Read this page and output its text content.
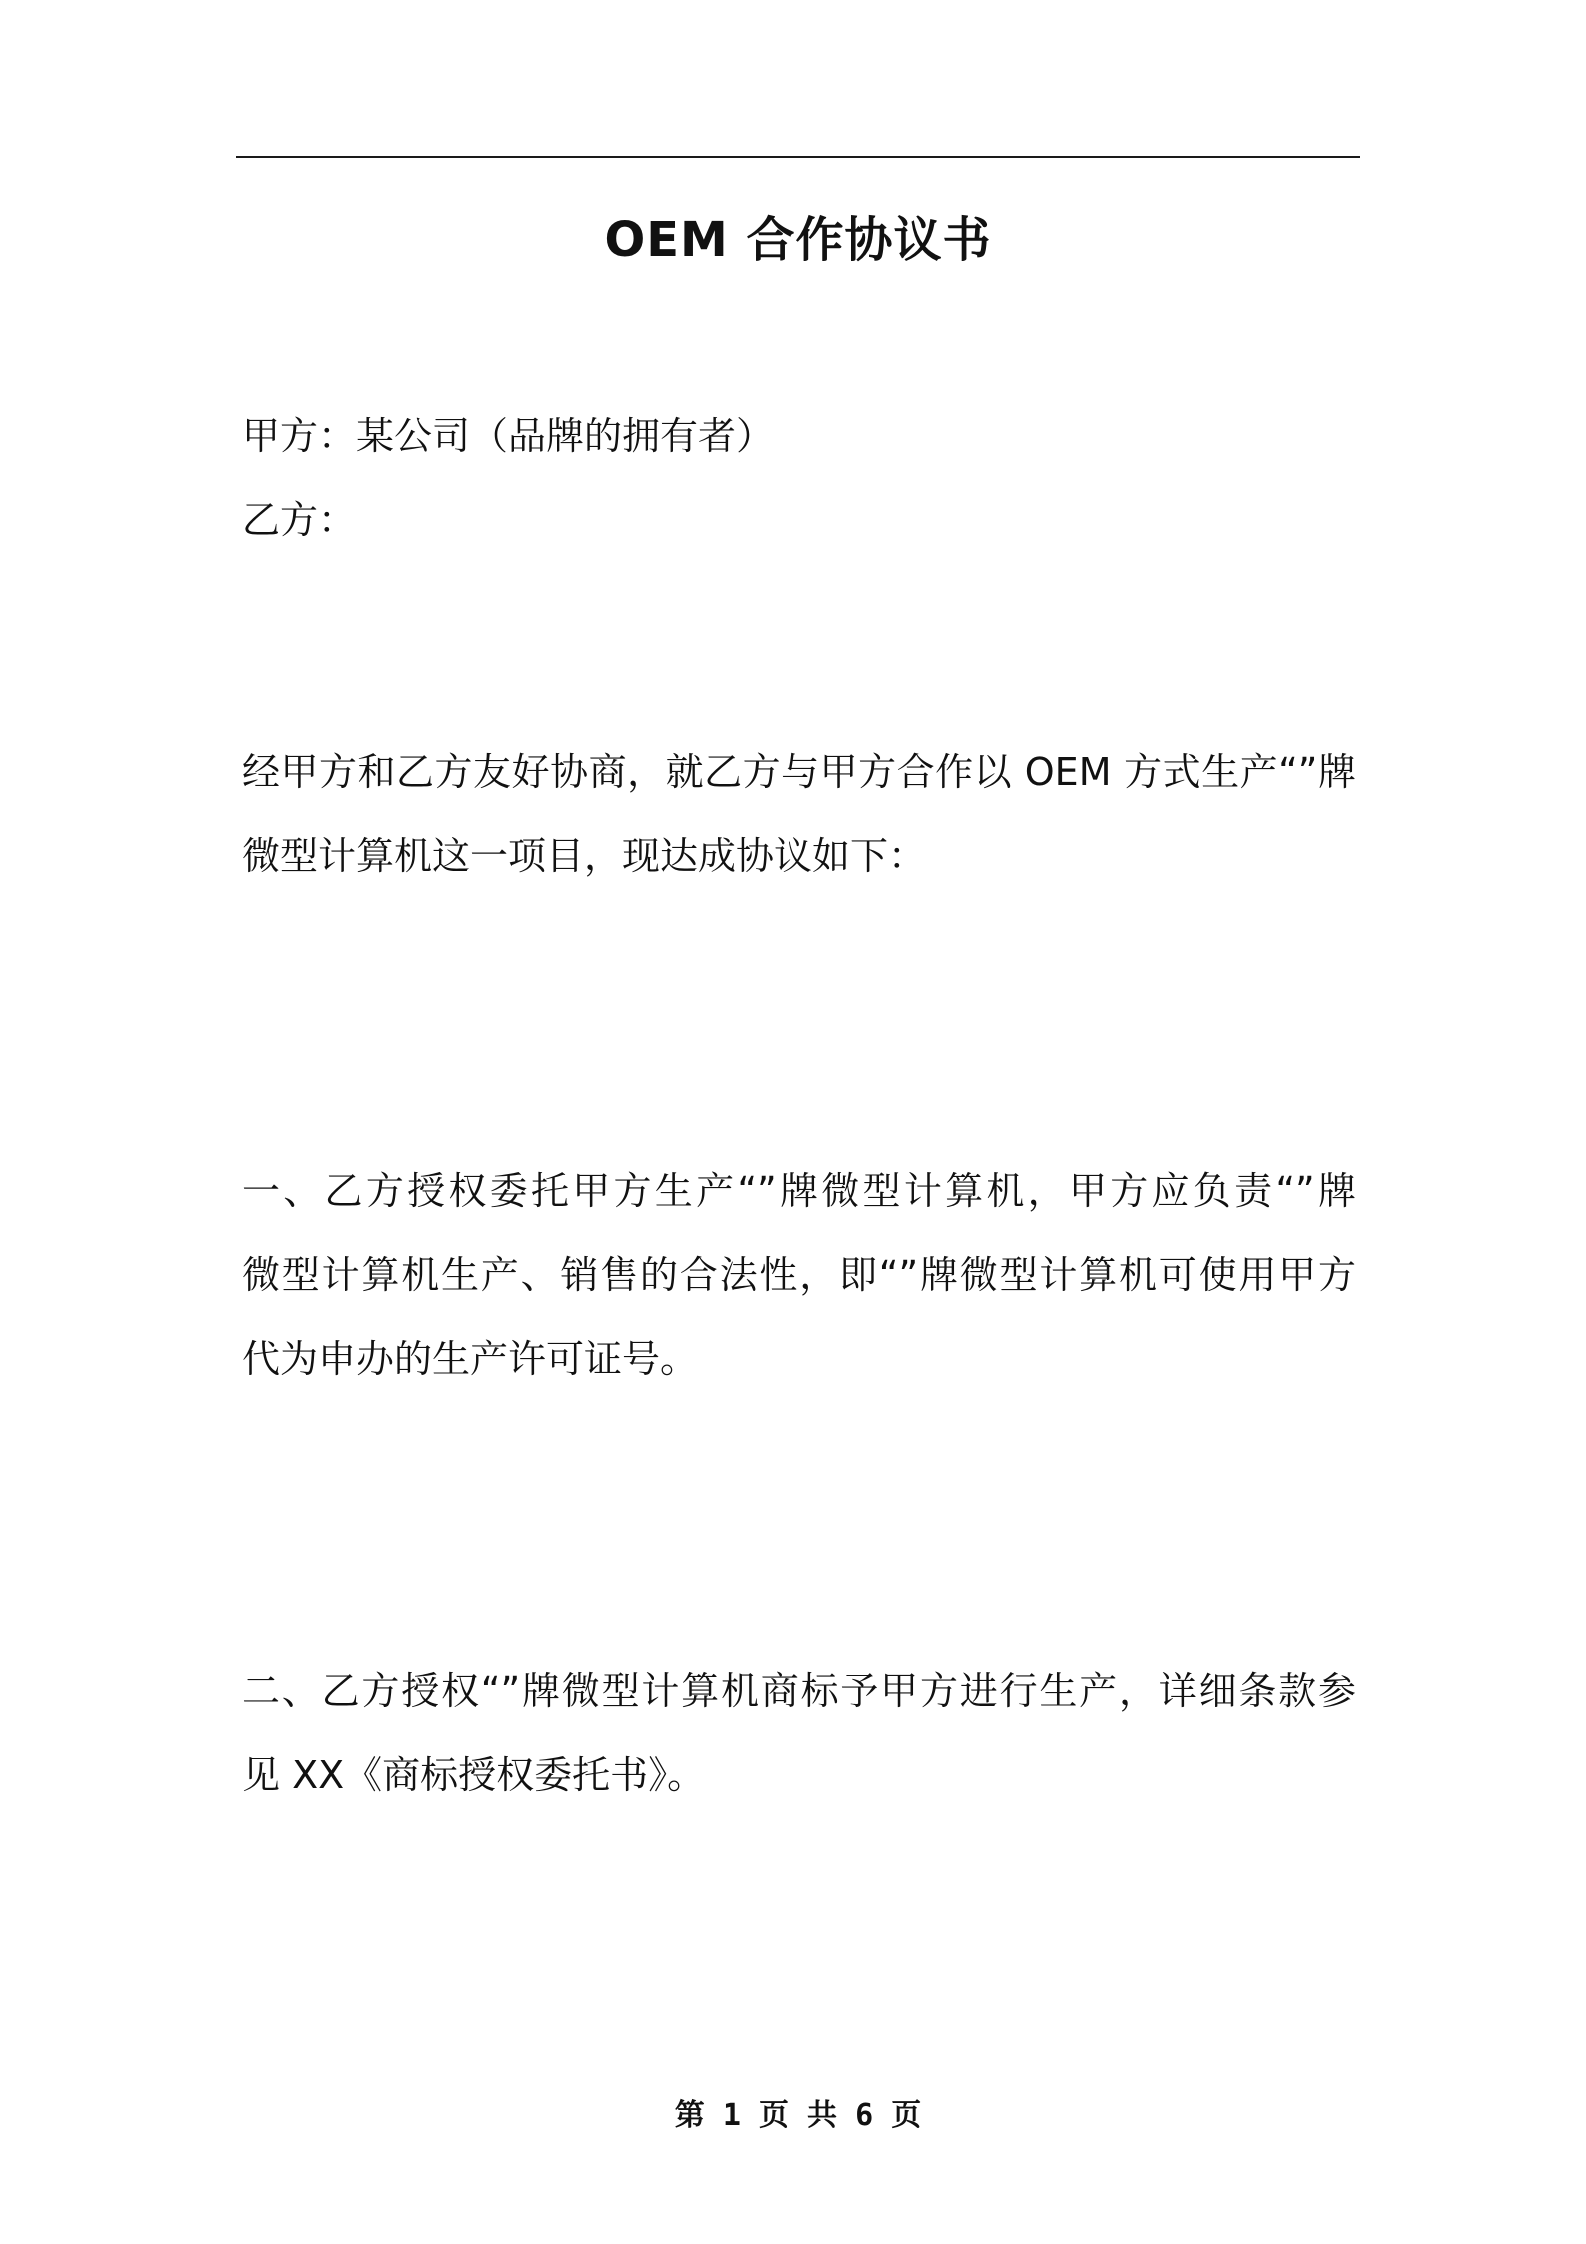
OEM 合作协议书
甲方：某公司（品牌的拥有者）
乙方：
经甲方和乙方友好协商，就乙方与甲方合作以 OEM 方式生产“”牌
微型计算机这一项目，现达成协议如下：
一、乙方授权委托甲方生产“”牌微型计算机，甲方应负责“”牌
微型计算机生产、销售的合法性，即“”牌微型计算机可使用甲方
代为申办的生产许可证号。
二、乙方授权“”牌微型计算机商标予甲方进行生产，详细条款参
见 XX《商标授权委托书》。
第 1 页 共 6 页
